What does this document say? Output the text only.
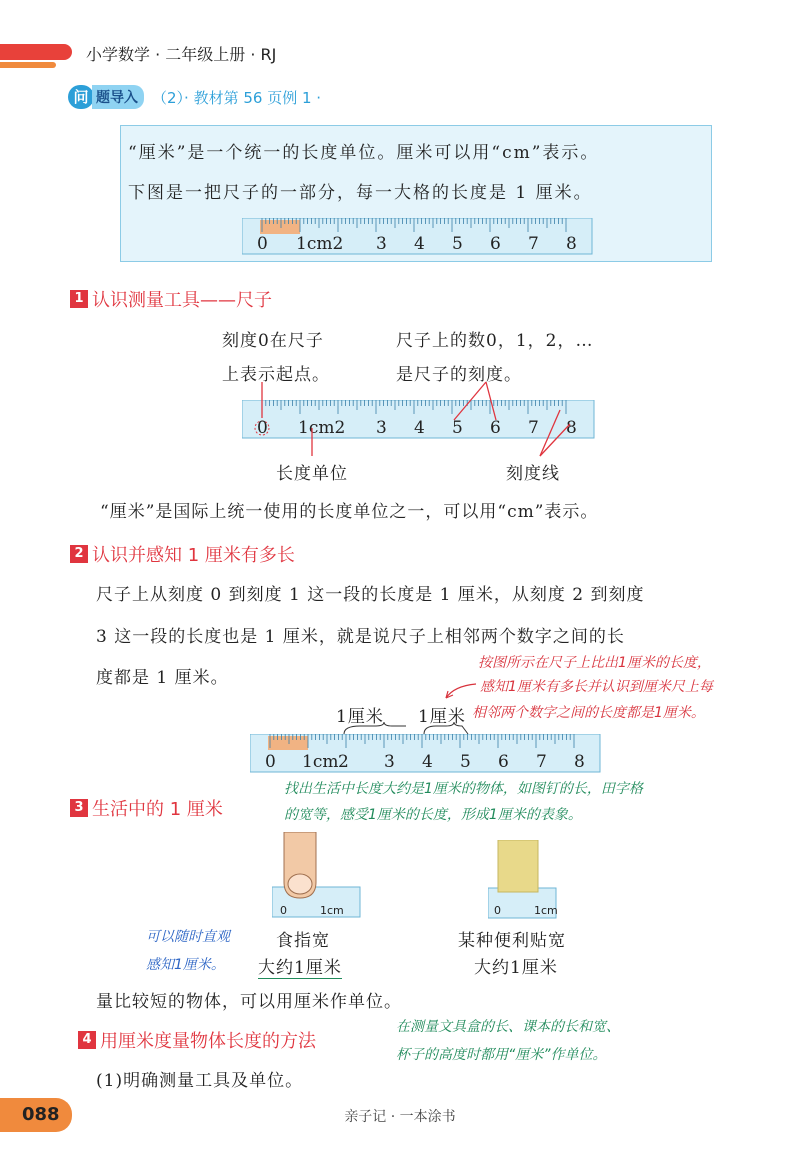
小学数学 · 二年级上册 · RJ
问 题导入 （2）· 教材第 56 页例 1 ·
“厘米”是一个统一的长度单位。厘米可以用“cm”表示。
下图是一把尺子的一部分，每一大格的长度是 1 厘米。
0 1cm2 3 4 5 6 7 8
1 认识测量工具——尺子
刻度0在尺子
上表示起点。
尺子上的数0，1，2，…
是尺子的刻度。
0 1cm2 3 4 5 6 7 8
长度单位	刻度线
“厘米”是国际上统一使用的长度单位之一，可以用“cm”表示。
2 认识并感知 1 厘米有多长
尺子上从刻度 0 到刻度 1 这一段的长度是 1 厘米，从刻度 2 到刻度
3 这一段的长度也是 1 厘米，就是说尺子上相邻两个数字之间的长
度都是 1 厘米。
按图所示在尺子上比出1厘米的长度，
感知1厘米有多长并认识到厘米尺上每
相邻两个数字之间的长度都是1厘米。
1厘米 1厘米
0 1cm 2 3 4 5 6 7 8
3 生活中的 1 厘米
找出生活中长度大约是1厘米的物体，如图钉的长，田字格
的宽等，感受1厘米的长度，形成1厘米的表象。
0	1cm	0	1cm
食指宽
大约1厘米
某种便利贴宽
大约1厘米
可以随时直观
感知1厘米。
量比较短的物体，可以用厘米作单位。
4 用厘米度量物体长度的方法
在测量文具盒的长、课本的长和宽、
杯子的高度时都用“厘米”作单位。
(1)明确测量工具及单位。
088	亲子记 · 一本涂书
